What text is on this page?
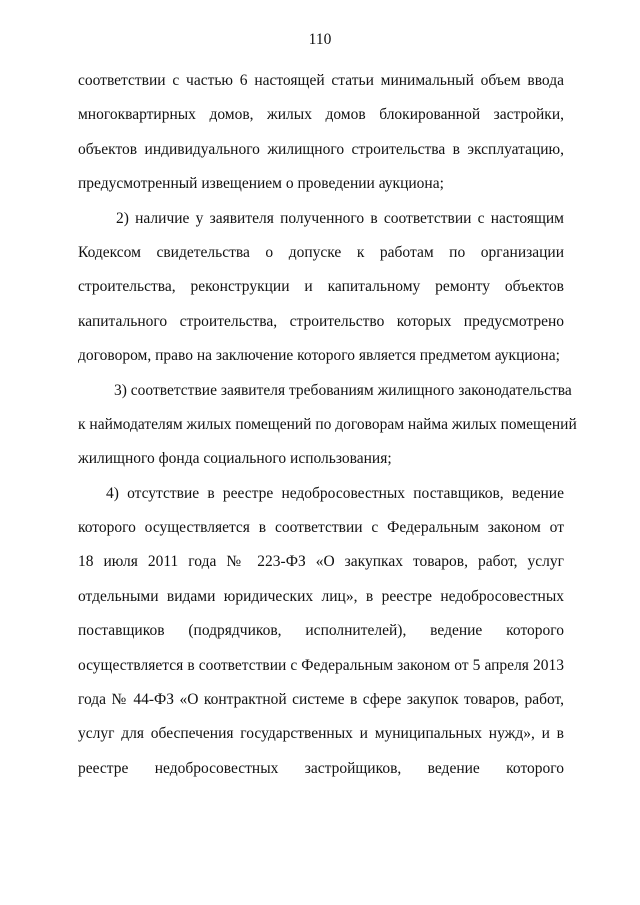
110
соответствии с частью 6 настоящей статьи минимальный объем ввода
многоквартирных домов, жилых домов блокированной застройки,
объектов индивидуального жилищного строительства в эксплуатацию,
предусмотренный извещением о проведении аукциона;
2) наличие у заявителя полученного в соответствии с настоящим
Кодексом свидетельства о допуске к работам по организации
строительства, реконструкции и капитальному ремонту объектов
капитального строительства, строительство которых предусмотрено
договором, право на заключение которого является предметом аукциона;
3) соответствие заявителя требованиям жилищного законодательства
к наймодателям жилых помещений по договорам найма жилых помещений
жилищного фонда социального использования;
4) отсутствие в реестре недобросовестных поставщиков, ведение
которого осуществляется в соответствии с Федеральным законом от
18 июля 2011 года № 223-ФЗ «О закупках товаров, работ, услуг
отдельными видами юридических лиц», в реестре недобросовестных
поставщиков (подрядчиков, исполнителей), ведение которого
осуществляется в соответствии с Федеральным законом от 5 апреля 2013
года № 44-ФЗ «О контрактной системе в сфере закупок товаров, работ,
услуг для обеспечения государственных и муниципальных нужд», и в
реестре недобросовестных застройщиков, ведение которого
